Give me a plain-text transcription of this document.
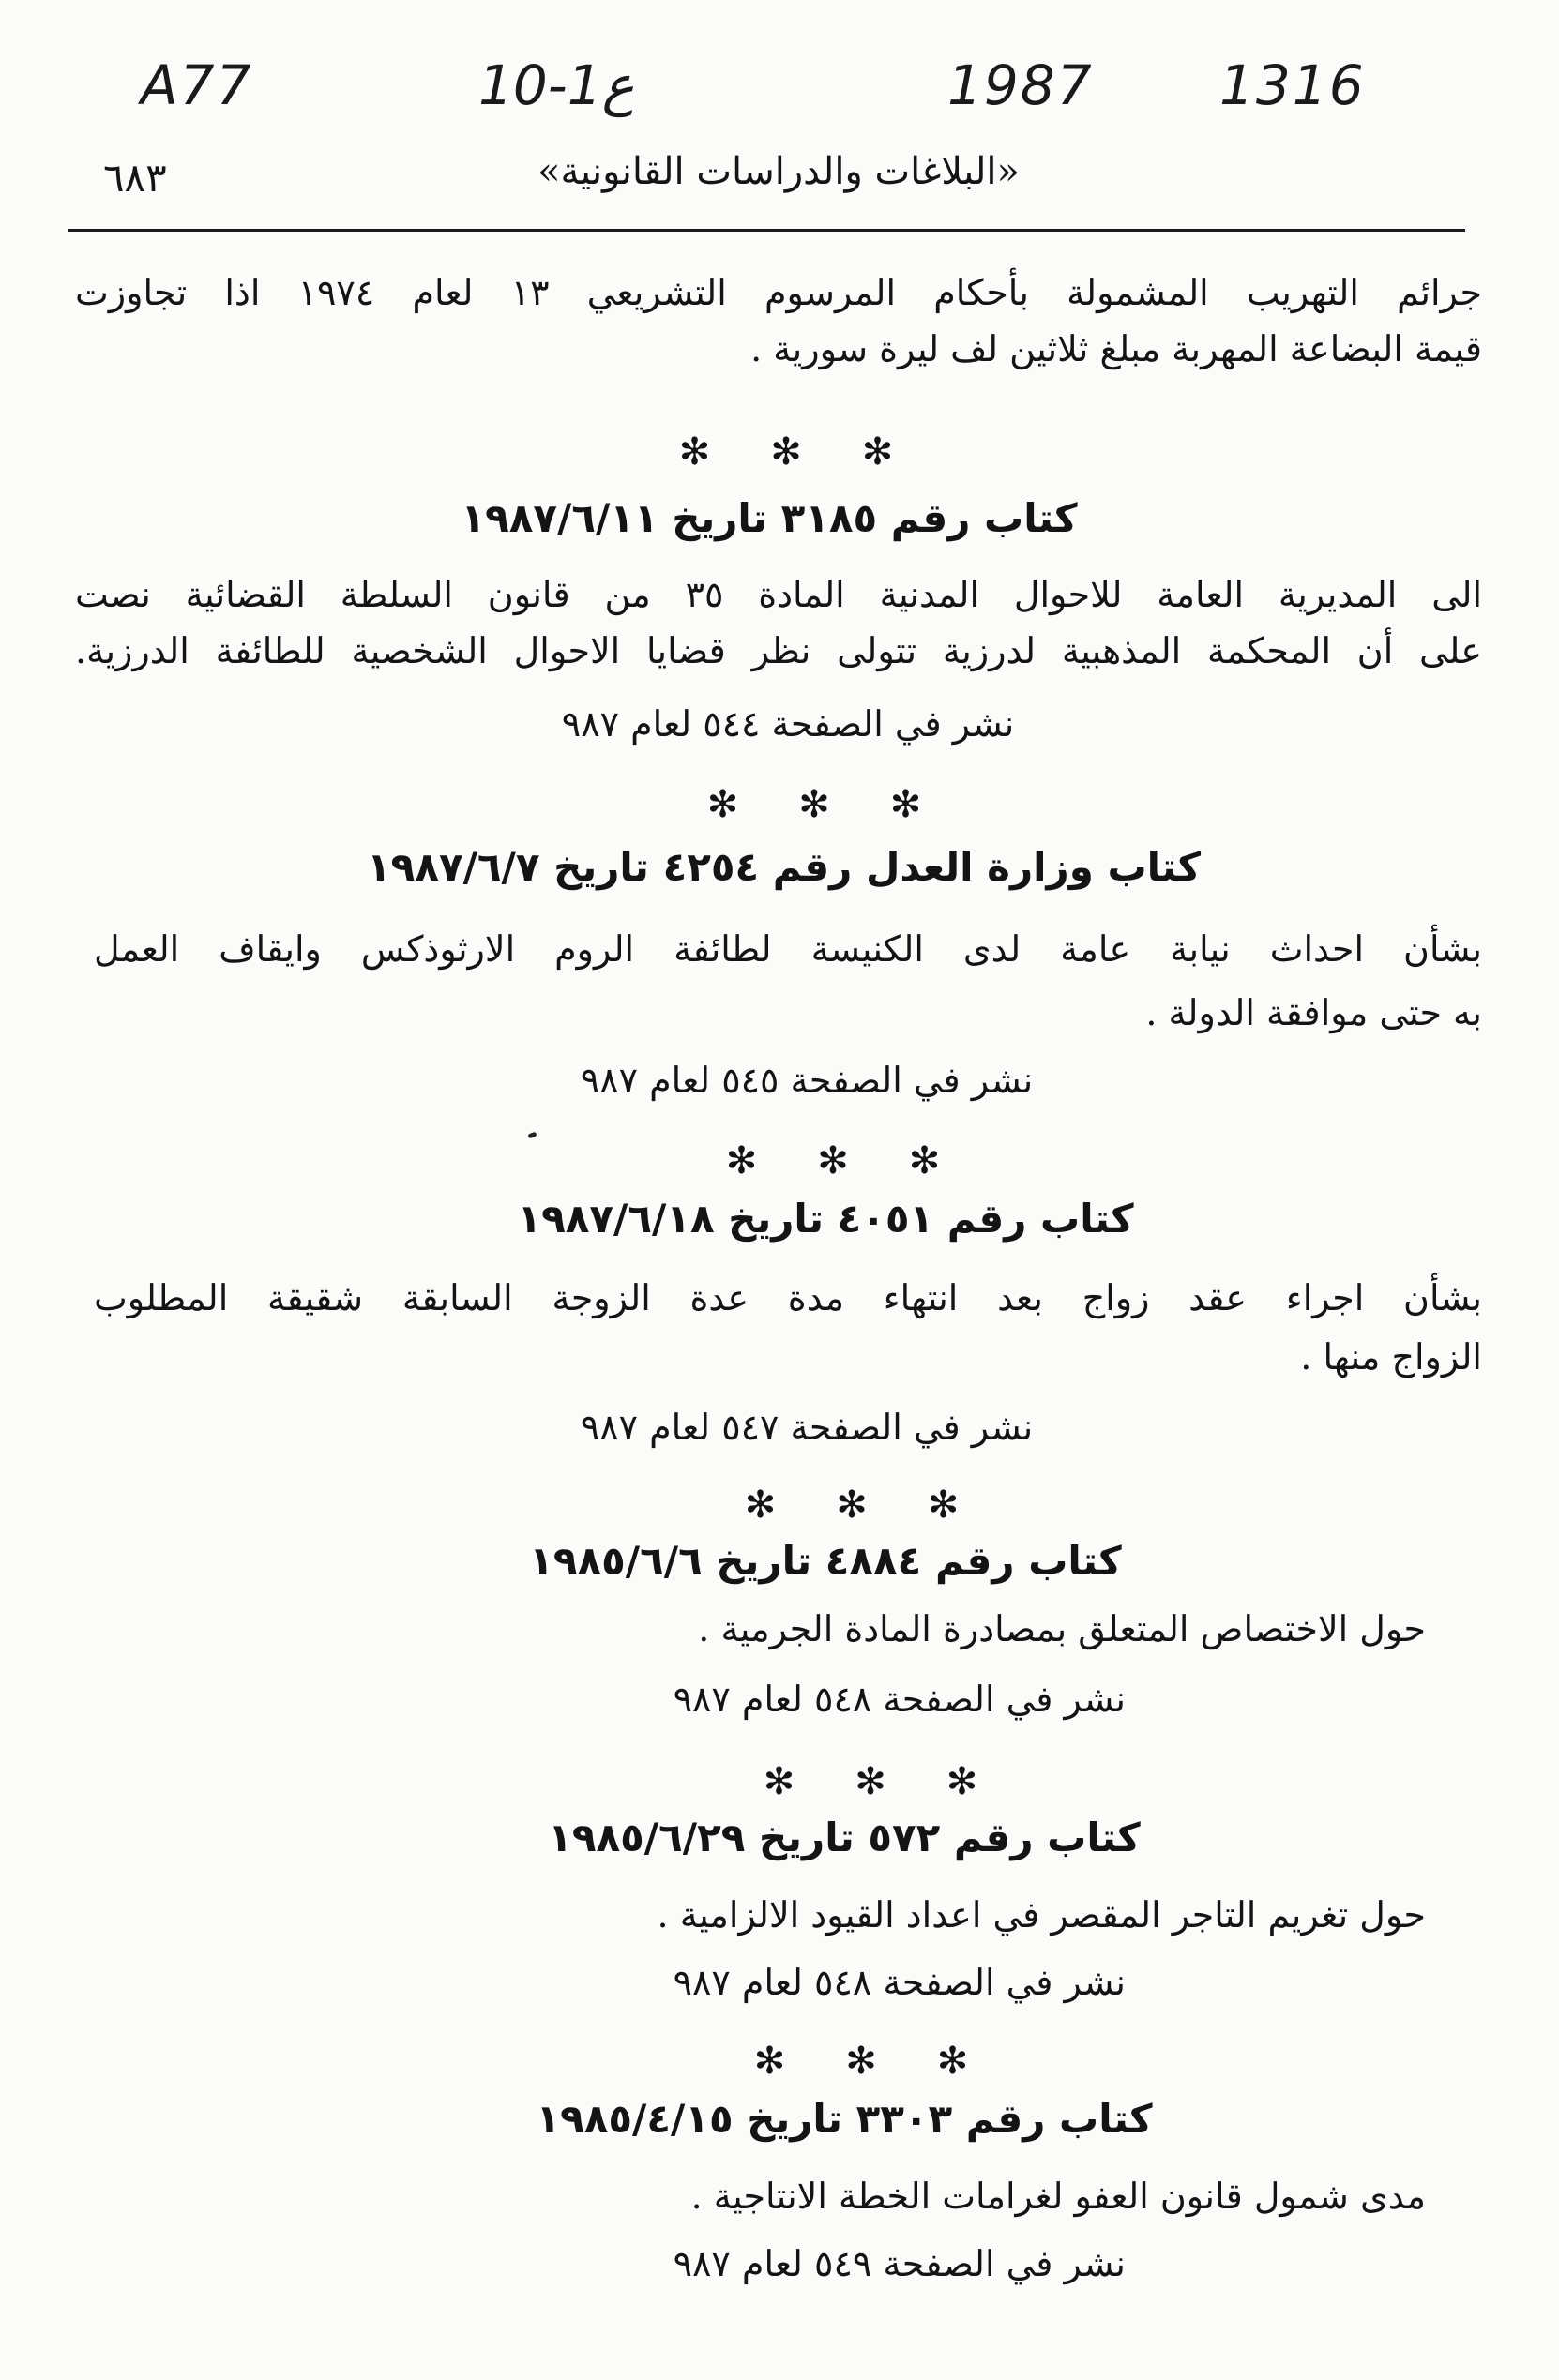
A77	10-1ع	1987 1316
٦٨٣	«البلاغات والدراسات القانونية»
جرائم التهريب المشمولة بأحكام المرسوم التشريعي ١٣ لعام ١٩٧٤ اذا تجاوزت
قيمة البضاعة المهربة مبلغ ثلاثين لف ليرة سورية .
✻✻✻
كتاب رقم ٣١٨٥ تاريخ ١٩٨٧/٦/١١
الى المديرية العامة للاحوال المدنية المادة ٣٥ من قانون السلطة القضائية نصت
على أن المحكمة المذهبية لدرزية تتولى نظر قضايا الاحوال الشخصية للطائفة الدرزية.
نشر في الصفحة ٥٤٤ لعام ٩٨٧
✻✻✻
كتاب وزارة العدل رقم ٤٢٥٤ تاريخ ١٩٨٧/٦/٧
بشأن احداث نيابة عامة لدى الكنيسة لطائفة الروم الارثوذكس وايقاف العمل
به حتى موافقة الدولة .
نشر في الصفحة ٥٤٥ لعام ٩٨٧
✻✻✻
كتاب رقم ٤٠٥١ تاريخ ١٩٨٧/٦/١٨
بشأن اجراء عقد زواج بعد انتهاء مدة عدة الزوجة السابقة شقيقة المطلوب
الزواج منها .
نشر في الصفحة ٥٤٧ لعام ٩٨٧
✻✻✻
كتاب رقم ٤٨٨٤ تاريخ ١٩٨٥/٦/٦
حول الاختصاص المتعلق بمصادرة المادة الجرمية .
نشر في الصفحة ٥٤٨ لعام ٩٨٧
✻✻✻
كتاب رقم ٥٧٢ تاريخ ١٩٨٥/٦/٢٩
حول تغريم التاجر المقصر في اعداد القيود الالزامية .
نشر في الصفحة ٥٤٨ لعام ٩٨٧
✻✻✻
كتاب رقم ٣٣٠٣ تاريخ ١٩٨٥/٤/١٥
مدى شمول قانون العفو لغرامات الخطة الانتاجية .
نشر في الصفحة ٥٤٩ لعام ٩٨٧
